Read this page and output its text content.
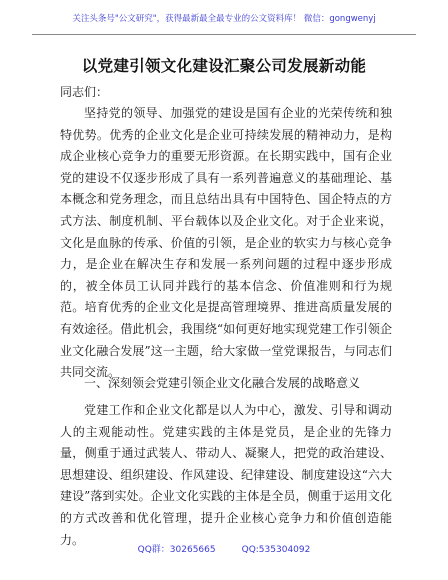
关注头条号"公文研究"，获得最新最全最专业的公文资料库！ 微信：gongwenyj
以党建引领文化建设汇聚公司发展新动能
同志们：

坚持党的领导、加强党的建设是国有企业的光荣传统和独特优势。优秀的企业文化是企业可持续发展的精神动力，是构成企业核心竞争力的重要无形资源。在长期实践中，国有企业党的建设不仅逐步形成了具有一系列普遍意义的基础理论、基本概念和党务理念，而且总结出具有中国特色、国企特点的方式方法、制度机制、平台载体以及企业文化。对于企业来说，文化是血脉的传承、价值的引领，是企业的软实力与核心竞争力，是企业在解决生存和发展一系列问题的过程中逐步形成的，被全体员工认同并践行的基本信念、价值准则和行为规范。培育优秀的企业文化是提高管理境界、推进高质量发展的有效途径。借此机会，我围绕“如何更好地实现党建工作引领企业文化融合发展”这一主题，给大家做一堂党课报告，与同志们共同交流。

一、深刻领会党建引领企业文化融合发展的战略意义

党建工作和企业文化都是以人为中心，激发、引导和调动人的主观能动性。党建实践的主体是党员，是企业的先锋力量，侧重于通过武装人、带动人、凝聚人，把党的政治建设、思想建设、组织建设、作风建设、纪律建设、制度建设这“六大建设”落到实处。企业文化实践的主体是全员，侧重于运用文化的方式改善和优化管理，提升企业核心竞争力和价值创造能力。

QQ群：30265665	QQ:535304092
